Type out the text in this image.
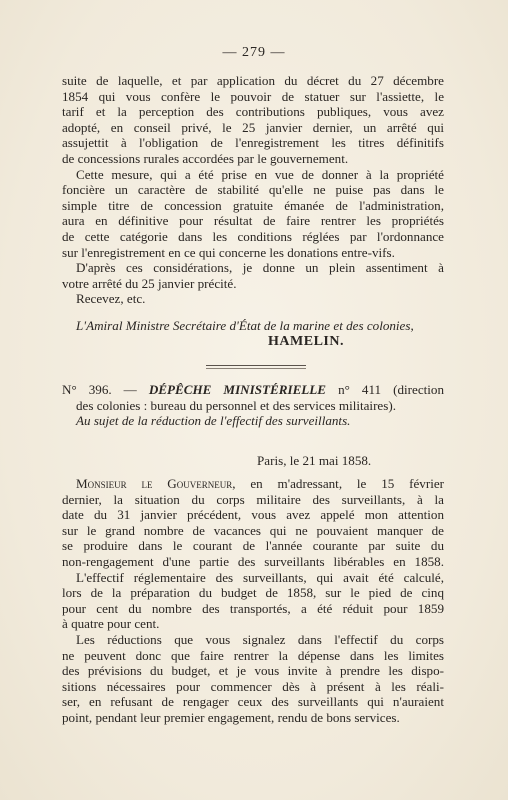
— 279 —
suite de laquelle, et par application du décret du 27 décembre
1854 qui vous confère le pouvoir de statuer sur l'assiette, le
tarif et la perception des contributions publiques, vous avez
adopté, en conseil privé, le 25 janvier dernier, un arrêté qui
assujettit à l'obligation de l'enregistrement les titres définitifs
de concessions rurales accordées par le gouvernement.
Cette mesure, qui a été prise en vue de donner à la propriété
foncière un caractère de stabilité qu'elle ne puise pas dans le
simple titre de concession gratuite émanée de l'administration,
aura en définitive pour résultat de faire rentrer les propriétés
de cette catégorie dans les conditions réglées par l'ordonnance
sur l'enregistrement en ce qui concerne les donations entre-vifs.
D'après ces considérations, je donne un plein assentiment à
votre arrêté du 25 janvier précité.
Recevez, etc.
L'Amiral Ministre Secrétaire d'État de la marine et des colonies,
HAMELIN.
N° 396. — DÉPÊCHE MINISTÉRIELLE n° 411 (direction
des colonies : bureau du personnel et des services militaires).
Au sujet de la réduction de l'effectif des surveillants.
Paris, le 21 mai 1858.
Monsieur le Gouverneur, en m'adressant, le 15 février
dernier, la situation du corps militaire des surveillants, à la
date du 31 janvier précédent, vous avez appelé mon attention
sur le grand nombre de vacances qui ne pouvaient manquer de
se produire dans le courant de l'année courante par suite du
non-rengagement d'une partie des surveillants libérables en 1858.
L'effectif réglementaire des surveillants, qui avait été calculé,
lors de la préparation du budget de 1858, sur le pied de cinq
pour cent du nombre des transportés, a été réduit pour 1859
à quatre pour cent.
Les réductions que vous signalez dans l'effectif du corps
ne peuvent donc que faire rentrer la dépense dans les limites
des prévisions du budget, et je vous invite à prendre les dispo-
sitions nécessaires pour commencer dès à présent à les réali-
ser, en refusant de rengager ceux des surveillants qui n'auraient
point, pendant leur premier engagement, rendu de bons services.
